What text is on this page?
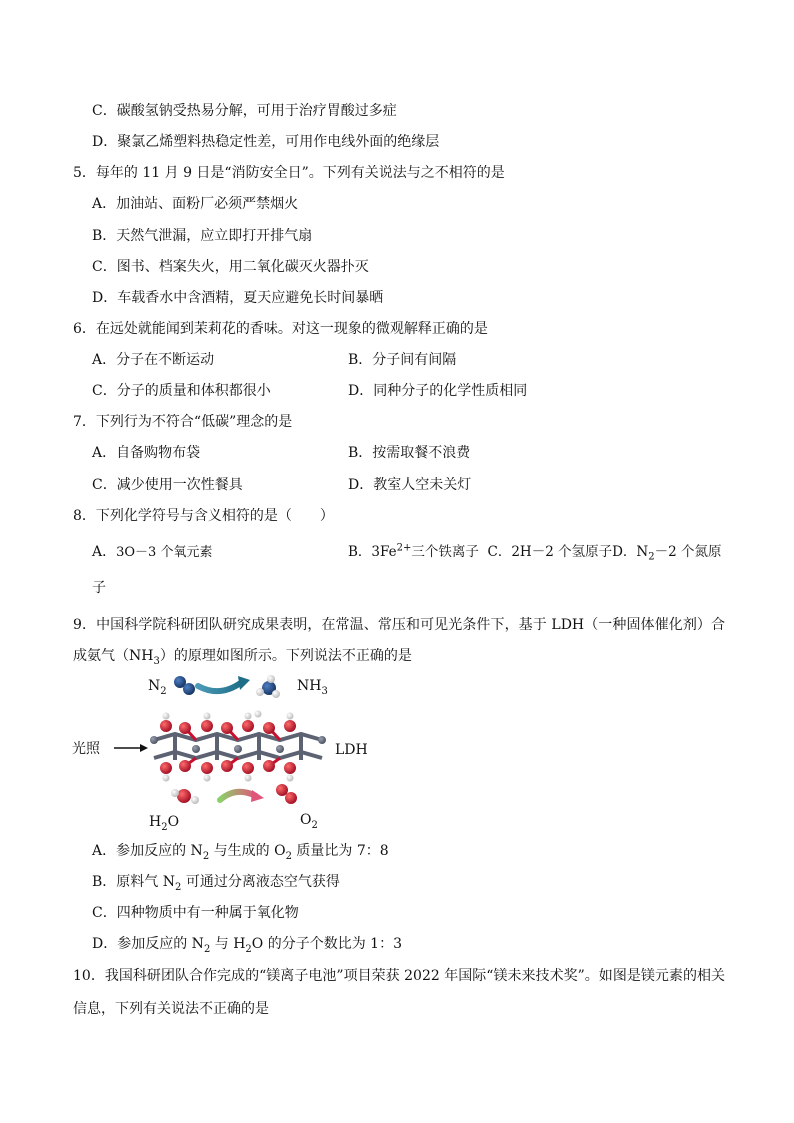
C．碳酸氢钠受热易分解，可用于治疗胃酸过多症
D．聚氯乙烯塑料热稳定性差，可用作电线外面的绝缘层
5．每年的 11 月 9 日是“消防安全日”。下列有关说法与之不相符的是
A．加油站、面粉厂必须严禁烟火
B．天然气泄漏，应立即打开排气扇
C．图书、档案失火，用二氧化碳灭火器扑灭
D．车载香水中含酒精，夏天应避免长时间暴晒
6．在远处就能闻到茉莉花的香味。对这一现象的微观解释正确的是
A．分子在不断运动	B．分子间有间隔
C．分子的质量和体积都很小	D．同种分子的化学性质相同
7．下列行为不符合“低碳”理念的是
A．自备购物布袋	B．按需取餐不浪费
C．减少使用一次性餐具	D．教室人空未关灯
8．下列化学符号与含义相符的是（　　）
A．3O－3 个氧元素	B．$3Fe^{2+}$三个铁离子 C．2H－2 个氢原子D．$N_2-2$ 个氮原
子
9．中国科学院科研团队研究成果表明，在常温、常压和可见光条件下，基于 LDH（一种固体催化剂）合成氨气$(NH_3)$的原理如图所示。下列说法不正确的是
$N_2$	$NH_3$
光照	LDH
$H_2O$	$O_2$
A．参加反应的 $N_2$ 与生成的 $O_2$ 质量比为 7：8
B．原料气 $N_2$ 可通过分离液态空气获得
C．四种物质中有一种属于氧化物
D．参加反应的 $N_2$ 与 $H_2O$ 的分子个数比为 1：3
10．我国科研团队合作完成的“镁离子电池”项目荣获 2022 年国际“镁未来技术奖”。如图是镁元素的相关信息，下列有关说法不正确的是
